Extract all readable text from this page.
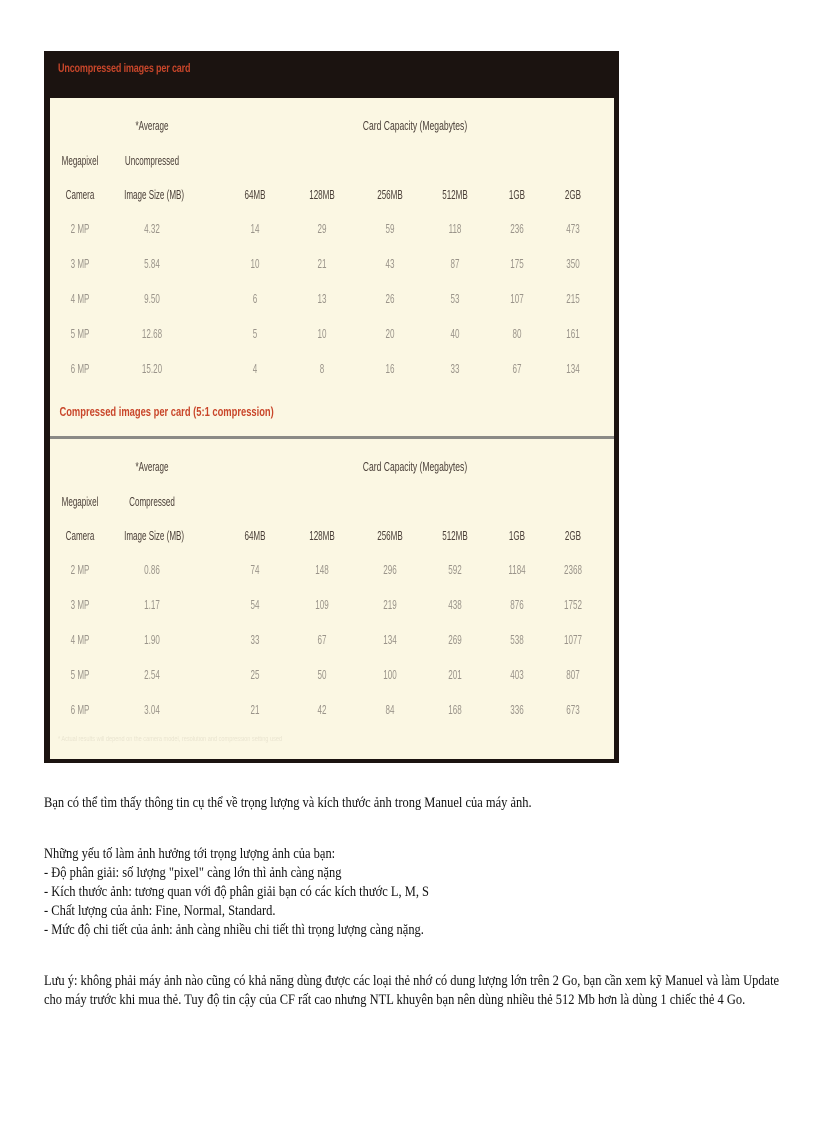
Uncompressed images per card
Card Capacity (Megabytes)
*Average
Megapixel	Uncompressed
Camera	Image Size (MB)	64MB	128MB	256MB	512MB	1GB	2GB
2 MP	4.32	14	29	59	118	236	473
3 MP	5.84	10	21	43	87	175	350
4 MP	9.50	6	13	26	53	107	215
5 MP	12.68	5	10	20	40	80	161
6 MP	15.20	4	8	16	33	67	134
Compressed images per card (5:1 compression)
Card Capacity (Megabytes)
*Average
Megapixel	Compressed
Camera	Image Size (MB)	64MB	128MB	256MB	512MB	1GB	2GB
2 MP	0.86	74	148	296	592	1184	2368
3 MP	1.17	54	109	219	438	876	1752
4 MP	1.90	33	67	134	269	538	1077
5 MP	2.54	25	50	100	201	403	807
6 MP	3.04	21	42	84	168	336	673
* Actual results will depend on the camera model, resolution and compression setting used
Bạn có thể tìm thấy thông tin cụ thể về trọng lượng và kích thước ảnh trong Manuel của máy ảnh.
Những yếu tố làm ảnh hưởng tới trọng lượng ảnh của bạn:
- Độ phân giải: số lượng "pixel" càng lớn thì ảnh càng nặng
- Kích thước ảnh: tương quan với độ phân giải bạn có các kích thước L, M, S
- Chất lượng của ảnh: Fine, Normal, Standard.
- Mức độ chi tiết của ảnh: ảnh càng nhiều chi tiết thì trọng lượng càng nặng.
Lưu ý: không phải máy ảnh nào cũng có khả năng dùng được các loại thẻ nhớ có dung lượng lớn trên 2 Go, bạn cần xem kỹ Manuel và làm Update
cho máy trước khi mua thẻ. Tuy độ tin cậy của CF rất cao nhưng NTL khuyên bạn nên dùng nhiều thẻ 512 Mb hơn là dùng 1 chiếc thẻ 4 Go.
